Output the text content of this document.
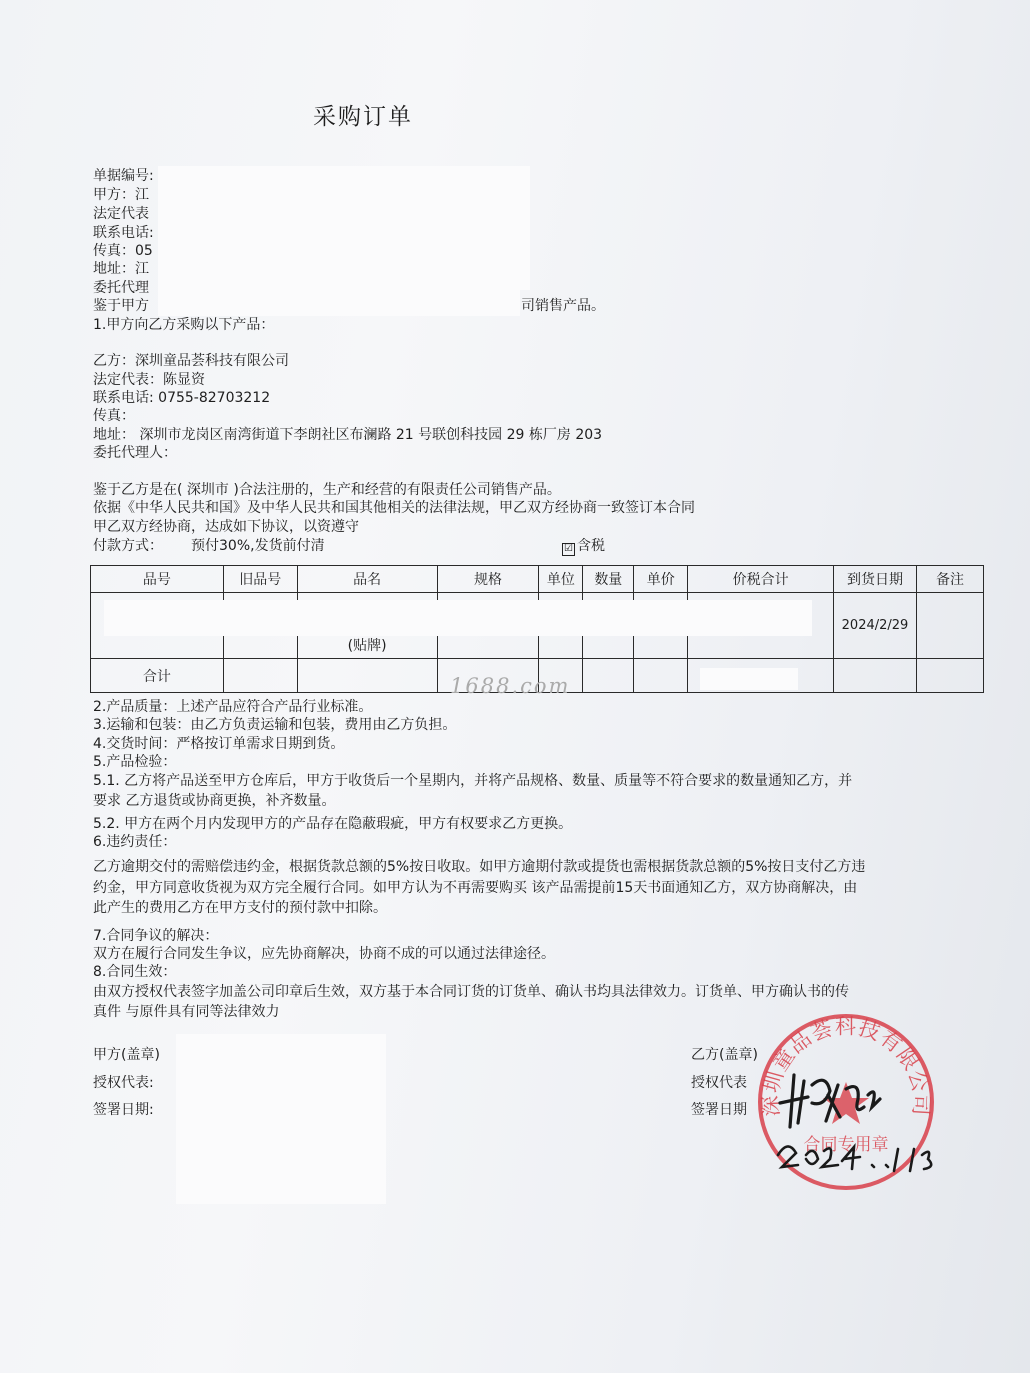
采购订单
单据编号:
甲方：江
法定代表
联系电话:
传真：05
地址：江
委托代理
鉴于甲方	司销售产品。
1.甲方向乙方采购以下产品：
乙方：深圳童品荟科技有限公司
法定代表：陈显资
联系电话: 0755-82703212
传真：
地址： 深圳市龙岗区南湾街道下李朗社区布澜路 21 号联创科技园 29 栋厂房 203
委托代理人：
鉴于乙方是在( 深圳市 )合法注册的，生产和经营的有限责任公司销售产品。
依据《中华人民共和国》及中华人民共和国其他相关的法律法规，甲乙双方经协商一致签订本合同
甲乙双方经协商，达成如下协议，以资遵守
付款方式： 预付30%,发货前付清	☑ 含税
品号	旧品号	品名	规格	单位	数量	单价	价税合计	到货日期	备注
		(贴牌)						2024/2/29	
合计										1688.com
2.产品质量：上述产品应符合产品行业标准。
3.运输和包装：由乙方负责运输和包装，费用由乙方负担。
4.交货时间：严格按订单需求日期到货。
5.产品检验：
5.1. 乙方将产品送至甲方仓库后，甲方于收货后一个星期内，并将产品规格、数量、质量等不符合要求的数量通知乙方，并
要求 乙方退货或协商更换，补齐数量。
5.2. 甲方在两个月内发现甲方的产品存在隐蔽瑕疵，甲方有权要求乙方更换。
6.违约责任：
乙方逾期交付的需赔偿违约金，根据货款总额的5%按日收取。如甲方逾期付款或提货也需根据货款总额的5%按日支付乙方违
约金，甲方同意收货视为双方完全履行合同。如甲方认为不再需要购买 该产品需提前15天书面通知乙方，双方协商解决，由
此产生的费用乙方在甲方支付的预付款中扣除。
7.合同争议的解决：
双方在履行合同发生争议，应先协商解决，协商不成的可以通过法律途径。
8.合同生效：
由双方授权代表签字加盖公司印章后生效，双方基于本合同订货的订货单、确认书均具法律效力。订货单、甲方确认书的传
真件 与原件具有同等法律效力
甲方(盖章)
授权代表:
签署日期:
乙方(盖章)
授权代表
签署日期 深圳童品荟科技有限公司
合同专用章
